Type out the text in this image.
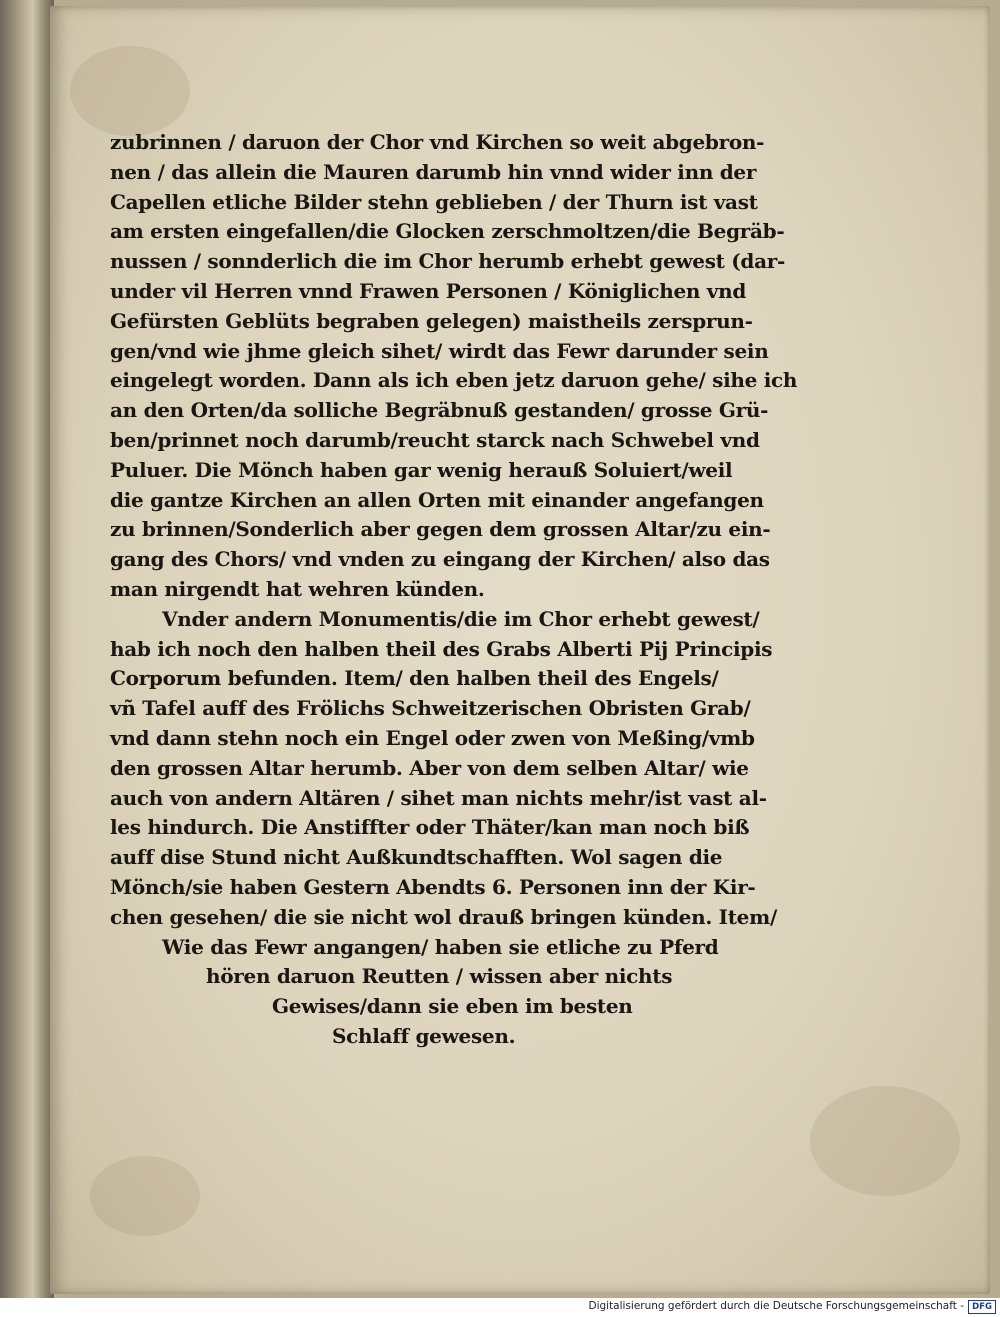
zubrinnen / daruon der Chor vnd Kirchen so weit abgebron-
nen / das allein die Mauren darumb hin vnnd wider inn der
Capellen etliche Bilder stehn geblieben / der Thurn ist vast
am ersten eingefallen/die Glocken zerschmoltzen/die Begräb-
nussen / sonnderlich die im Chor herumb erhebt gewest (dar-
under vil Herren vnnd Frawen Personen / Königlichen vnd
Gefürsten Geblüts begraben gelegen) maistheils zersprun-
gen/vnd wie jhme gleich sihet/ wirdt das Fewr darunder sein
eingelegt worden. Dann als ich eben jetz daruon gehe/ sihe ich
an den Orten/da solliche Begräbnuß gestanden/ grosse Grü-
ben/prinnet noch darumb/reucht starck nach Schwebel vnd
Puluer. Die Mönch haben gar wenig herauß Soluiert/weil
die gantze Kirchen an allen Orten mit einander angefangen
zu brinnen/Sonderlich aber gegen dem grossen Altar/zu ein-
gang des Chors/ vnd vnden zu eingang der Kirchen/ also das
man nirgendt hat wehren künden.
Vnder andern Monumentis/die im Chor erhebt gewest/
hab ich noch den halben theil des Grabs Alberti Pij Principis
Corporum befunden. Item/ den halben theil des Engels/
vñ Tafel auff des Frölichs Schweitzerischen Obristen Grab/
vnd dann stehn noch ein Engel oder zwen von Meßing/vmb
den grossen Altar herumb. Aber von dem selben Altar/ wie
auch von andern Altären / sihet man nichts mehr/ist vast al-
les hindurch. Die Anstiffter oder Thäter/kan man noch biß
auff dise Stund nicht Außkundtschafften. Wol sagen die
Mönch/sie haben Gestern Abendts 6. Personen inn der Kir-
chen gesehen/ die sie nicht wol drauß bringen künden. Item/
Wie das Fewr angangen/ haben sie etliche zu Pferd
hören daruon Reutten / wissen aber nichts
Gewises/dann sie eben im besten
Schlaff gewesen.
Digitalisierung gefördert durch die Deutsche Forschungsgemeinschaft - DFG
